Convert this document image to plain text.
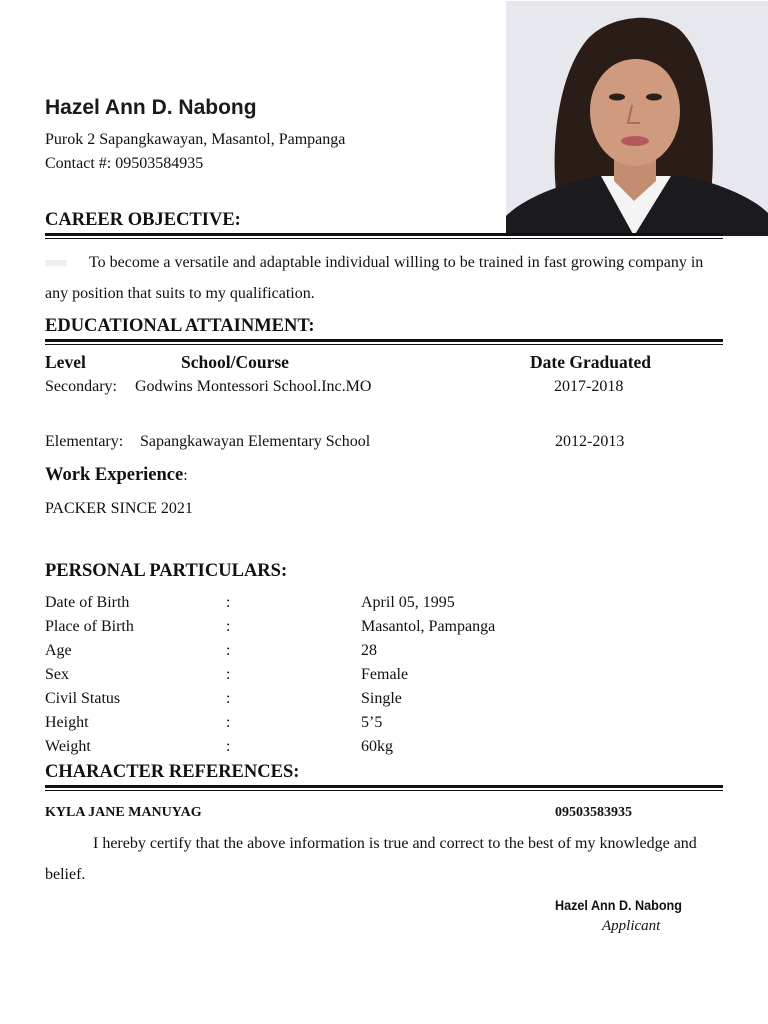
Hazel Ann D. Nabong
Purok 2 Sapangkawayan, Masantol, Pampanga
Contact #: 09503584935
CAREER OBJECTIVE:
To become a versatile and adaptable individual willing to be trained in fast growing company in any position that suits to my qualification.
EDUCATIONAL ATTAINMENT:
Level	School/Course	Date Graduated
Secondary: Godwins Montessori School.Inc.MO	2017-2018
Elementary: Sapangkawayan Elementary School	2012-2013
Work Experience:
PACKER SINCE 2021
PERSONAL PARTICULARS:
Date of Birth	:	April 05, 1995
Place of Birth	:	Masantol, Pampanga
Age	:	28
Sex	:	Female
Civil Status	:	Single
Height	:	5’5
Weight	:	60kg
CHARACTER REFERENCES:
KYLA JANE MANUYAG	09503583935
I hereby certify that the above information is true and correct to the best of my knowledge and belief.
Hazel Ann D. Nabong
Applicant
